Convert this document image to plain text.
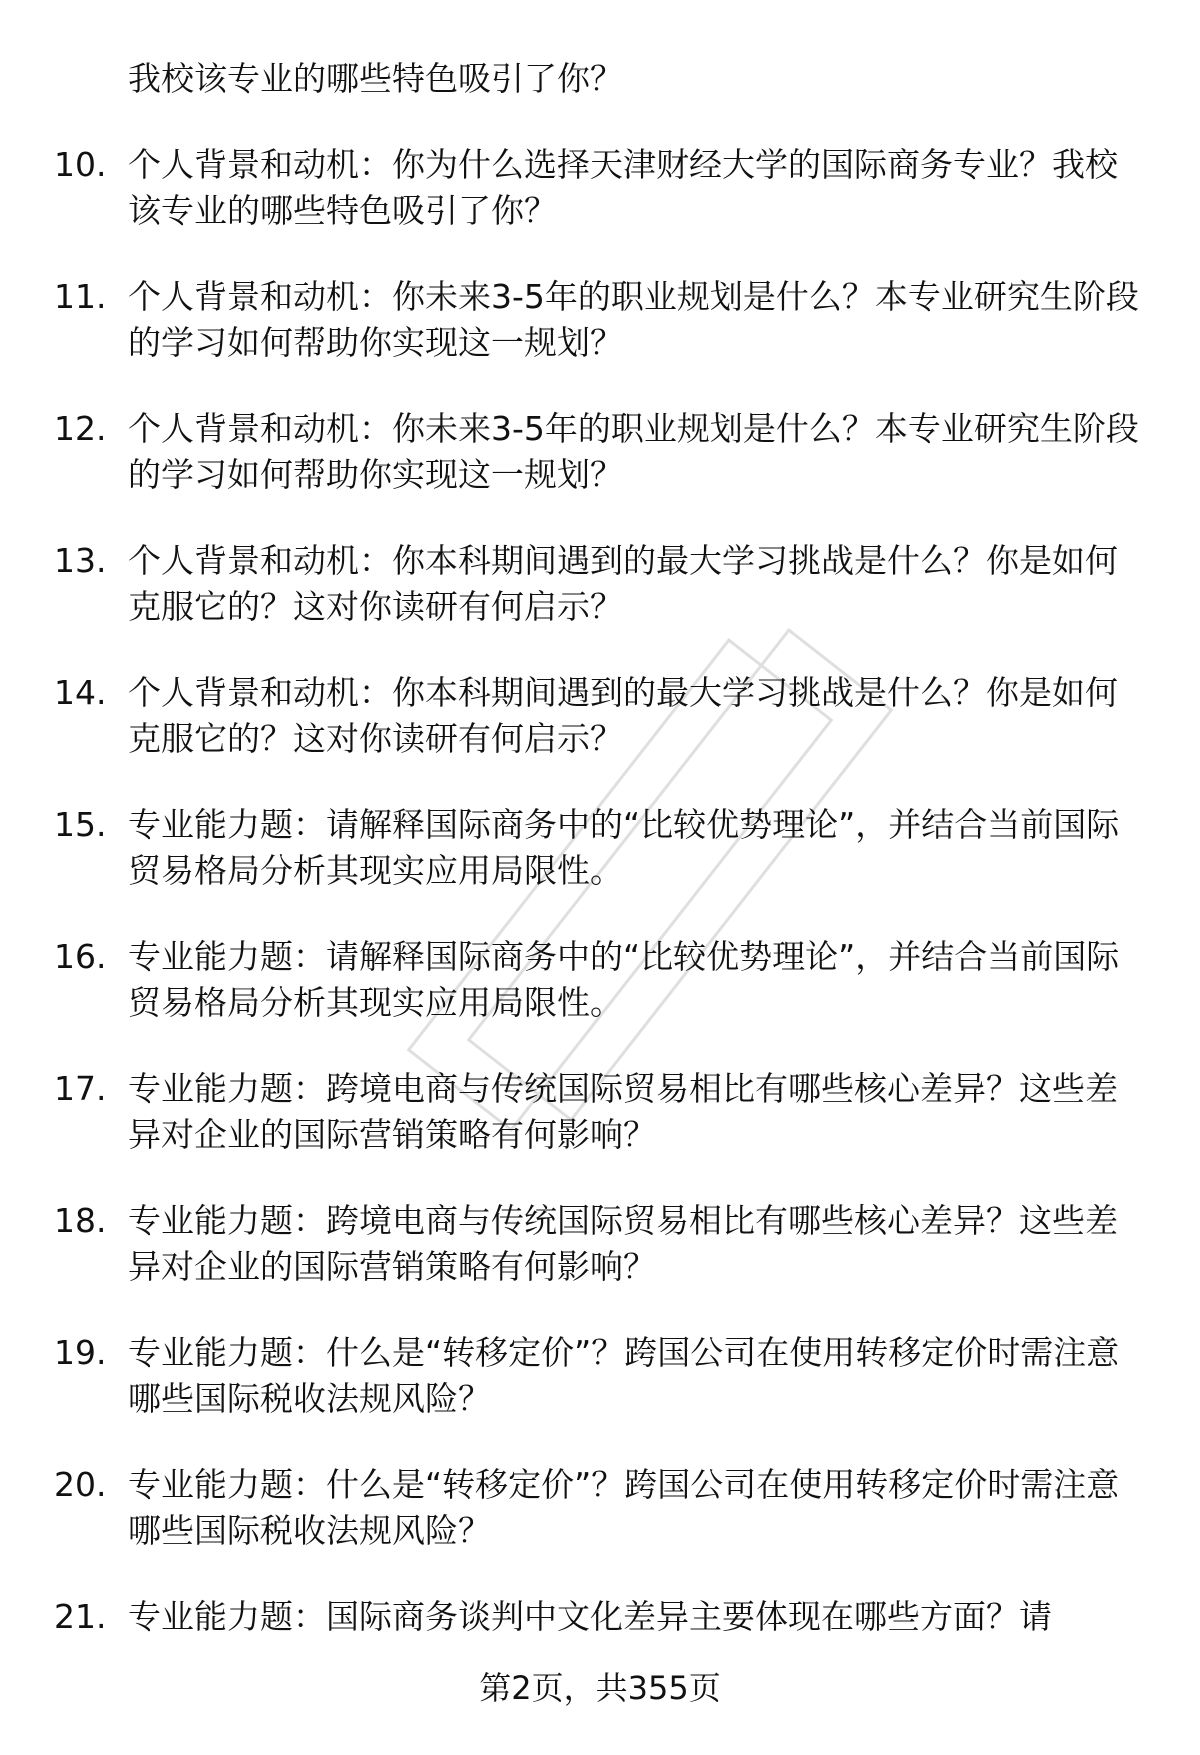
我校该专业的哪些特色吸引了你？
10. 个人背景和动机：你为什么选择天津财经大学的国际商务专业？我校该专业的哪些特色吸引了你？
11. 个人背景和动机：你未来3-5年的职业规划是什么？本专业研究生阶段的学习如何帮助你实现这一规划？
12. 个人背景和动机：你未来3-5年的职业规划是什么？本专业研究生阶段的学习如何帮助你实现这一规划？
13. 个人背景和动机：你本科期间遇到的最大学习挑战是什么？你是如何克服它的？这对你读研有何启示？
14. 个人背景和动机：你本科期间遇到的最大学习挑战是什么？你是如何克服它的？这对你读研有何启示？
15. 专业能力题：请解释国际商务中的“比较优势理论”，并结合当前国际贸易格局分析其现实应用局限性。
16. 专业能力题：请解释国际商务中的“比较优势理论”，并结合当前国际贸易格局分析其现实应用局限性。
17. 专业能力题：跨境电商与传统国际贸易相比有哪些核心差异？这些差异对企业的国际营销策略有何影响？
18. 专业能力题：跨境电商与传统国际贸易相比有哪些核心差异？这些差异对企业的国际营销策略有何影响？
19. 专业能力题：什么是“转移定价”？跨国公司在使用转移定价时需注意哪些国际税收法规风险？
20. 专业能力题：什么是“转移定价”？跨国公司在使用转移定价时需注意哪些国际税收法规风险？
21. 专业能力题：国际商务谈判中文化差异主要体现在哪些方面？请
第2页，共355页
